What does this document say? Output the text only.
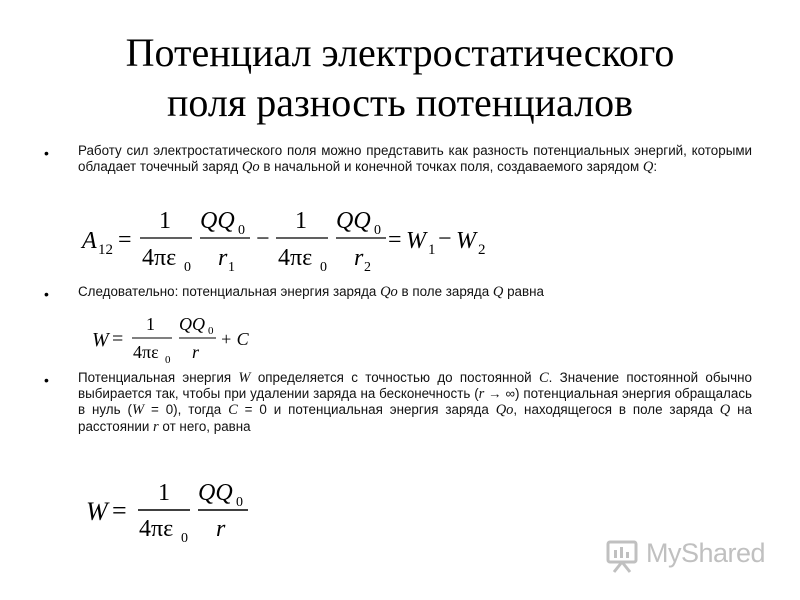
Потенциал электростатического
поля разность потенциалов
• Работу сил электростатического поля можно представить как разность потенциальных энергий, которыми обладает точечный заряд Qo в начальной и конечной точках поля, создаваемого зарядом Q:
A 12 =
1
4πε 0
QQ 0
r 1
−
1
4πε 0
QQ 0
r 2
= W 1 − W 2
• Следовательно: потенциальная энергия заряда Qo в поле заряда Q равна
W =
1
4πε 0
QQ 0
r
+ C
• Потенциальная энергия W определяется с точностью до постоянной C. Значение постоянной обычно выбирается так, чтобы при удалении заряда на бесконечность (r → ∞) потенциальная энергия обращалась в нуль (W = 0), тогда C = 0 и потенциальная энергия заряда Qo, находящегося в поле заряда Q на расстоянии r от него, равна
W =
1
4πε 0
QQ 0
r
MyShared
